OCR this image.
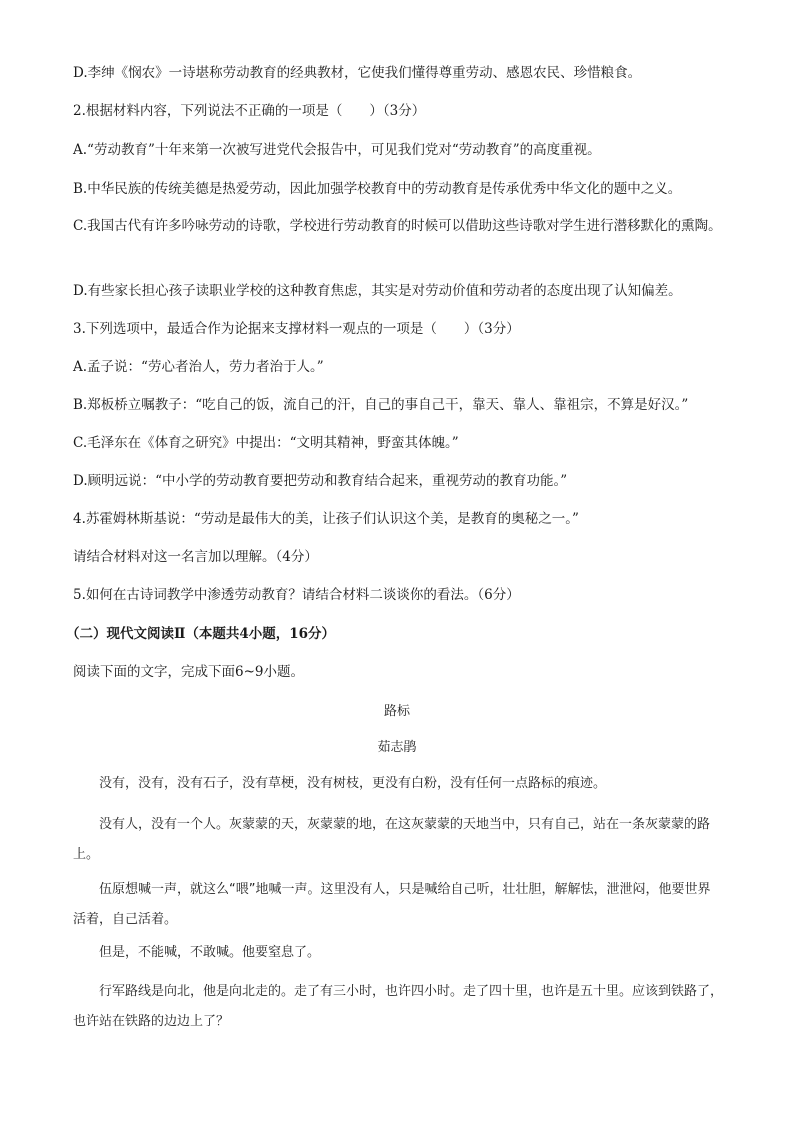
D.李绅《悯农》一诗堪称劳动教育的经典教材，它使我们懂得尊重劳动、感恩农民、珍惜粮食。
2.根据材料内容，下列说法不正确的一项是（　　）（3分）
A.“劳动教育”十年来第一次被写进党代会报告中，可见我们党对“劳动教育”的高度重视。
B.中华民族的传统美德是热爱劳动，因此加强学校教育中的劳动教育是传承优秀中华文化的题中之义。
C.我国古代有许多吟咏劳动的诗歌，学校进行劳动教育的时候可以借助这些诗歌对学生进行潜移默化的熏陶。
D.有些家长担心孩子读职业学校的这种教育焦虑，其实是对劳动价值和劳动者的态度出现了认知偏差。
3.下列选项中，最适合作为论据来支撑材料一观点的一项是（　　）（3分）
A.孟子说：“劳心者治人，劳力者治于人。”
B.郑板桥立嘱教子：“吃自己的饭，流自己的汗，自己的事自己干，靠天、靠人、靠祖宗，不算是好汉。”
C.毛泽东在《体育之研究》中提出：“文明其精神，野蛮其体魄。”
D.顾明远说：“中小学的劳动教育要把劳动和教育结合起来，重视劳动的教育功能。”
4.苏霍姆林斯基说：“劳动是最伟大的美，让孩子们认识这个美，是教育的奥秘之一。”
请结合材料对这一名言加以理解。（4分）
5.如何在古诗词教学中渗透劳动教育？请结合材料二谈谈你的看法。（6分）
（二）现代文阅读Ⅱ（本题共4小题，16分）
阅读下面的文字，完成下面6~9小题。
路标
茹志鹃
没有，没有，没有石子，没有草梗，没有树枝，更没有白粉，没有任何一点路标的痕迹。
没有人，没有一个人。灰蒙蒙的天，灰蒙蒙的地，在这灰蒙蒙的天地当中，只有自己，站在一条灰蒙蒙的路上。
伍原想喊一声，就这么“喂”地喊一声。这里没有人，只是喊给自己听，壮壮胆，解解怯，泄泄闷，他要世界活着，自己活着。
但是，不能喊，不敢喊。他要窒息了。
行军路线是向北，他是向北走的。走了有三小时，也许四小时。走了四十里，也许是五十里。应该到铁路了，也许站在铁路的边边上了？
